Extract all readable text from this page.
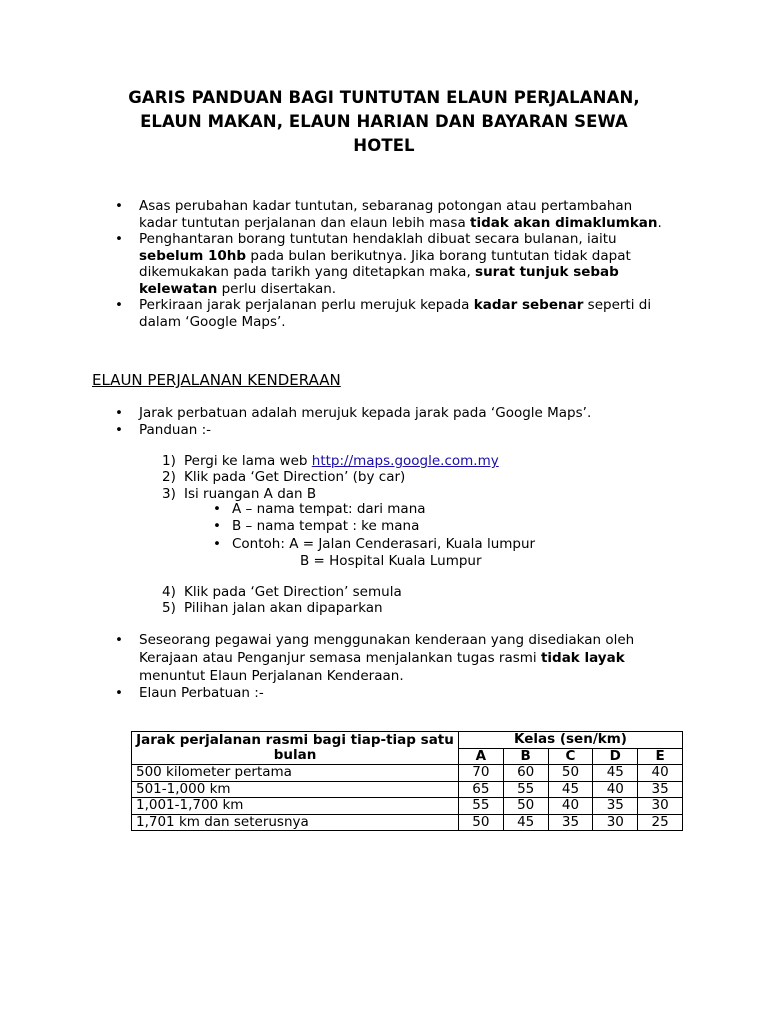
GARIS PANDUAN BAGI TUNTUTAN ELAUN PERJALANAN,
ELAUN MAKAN, ELAUN HARIAN DAN BAYARAN SEWA
HOTEL

• Asas perubahan kadar tuntutan, sebaranag potongan atau pertambahan kadar tuntutan perjalanan dan elaun lebih masa tidak akan dimaklumkan.

• Penghantaran borang tuntutan hendaklah dibuat secara bulanan, iaitu sebelum 10hb pada bulan berikutnya. Jika borang tuntutan tidak dapat dikemukakan pada tarikh yang ditetapkan maka, surat tunjuk sebab kelewatan perlu disertakan.

• Perkiraan jarak perjalanan perlu merujuk kepada kadar sebenar seperti di dalam ‘Google Maps’.

ELAUN PERJALANAN KENDERAAN

• Jarak perbatuan adalah merujuk kepada jarak pada ‘Google Maps’.

• Panduan :-

1) Pergi ke lama web http://maps.google.com.my
2) Klik pada ‘Get Direction’ (by car)
3) Isi ruangan A dan B
• A – nama tempat: dari mana
• B – nama tempat : ke mana
• Contoh: A = Jalan Cenderasari, Kuala lumpur
B = Hospital Kuala Lumpur
4) Klik pada ‘Get Direction’ semula
5) Pilihan jalan akan dipaparkan

• Seseorang pegawai yang menggunakan kenderaan yang disediakan oleh Kerajaan atau Penganjur semasa menjalankan tugas rasmi tidak layak menuntut Elaun Perjalanan Kenderaan.

• Elaun Perbatuan :-

Jarak perjalanan rasmi bagi tiap-tiap satu bulan	Kelas (sen/km)				
	A	B	C	D	E
500 kilometer pertama	70	60	50	45	40
501-1,000 km	65	55	45	40	35
1,001-1,700 km	55	50	40	35	30
1,701 km dan seterusnya	50	45	35	30	25
